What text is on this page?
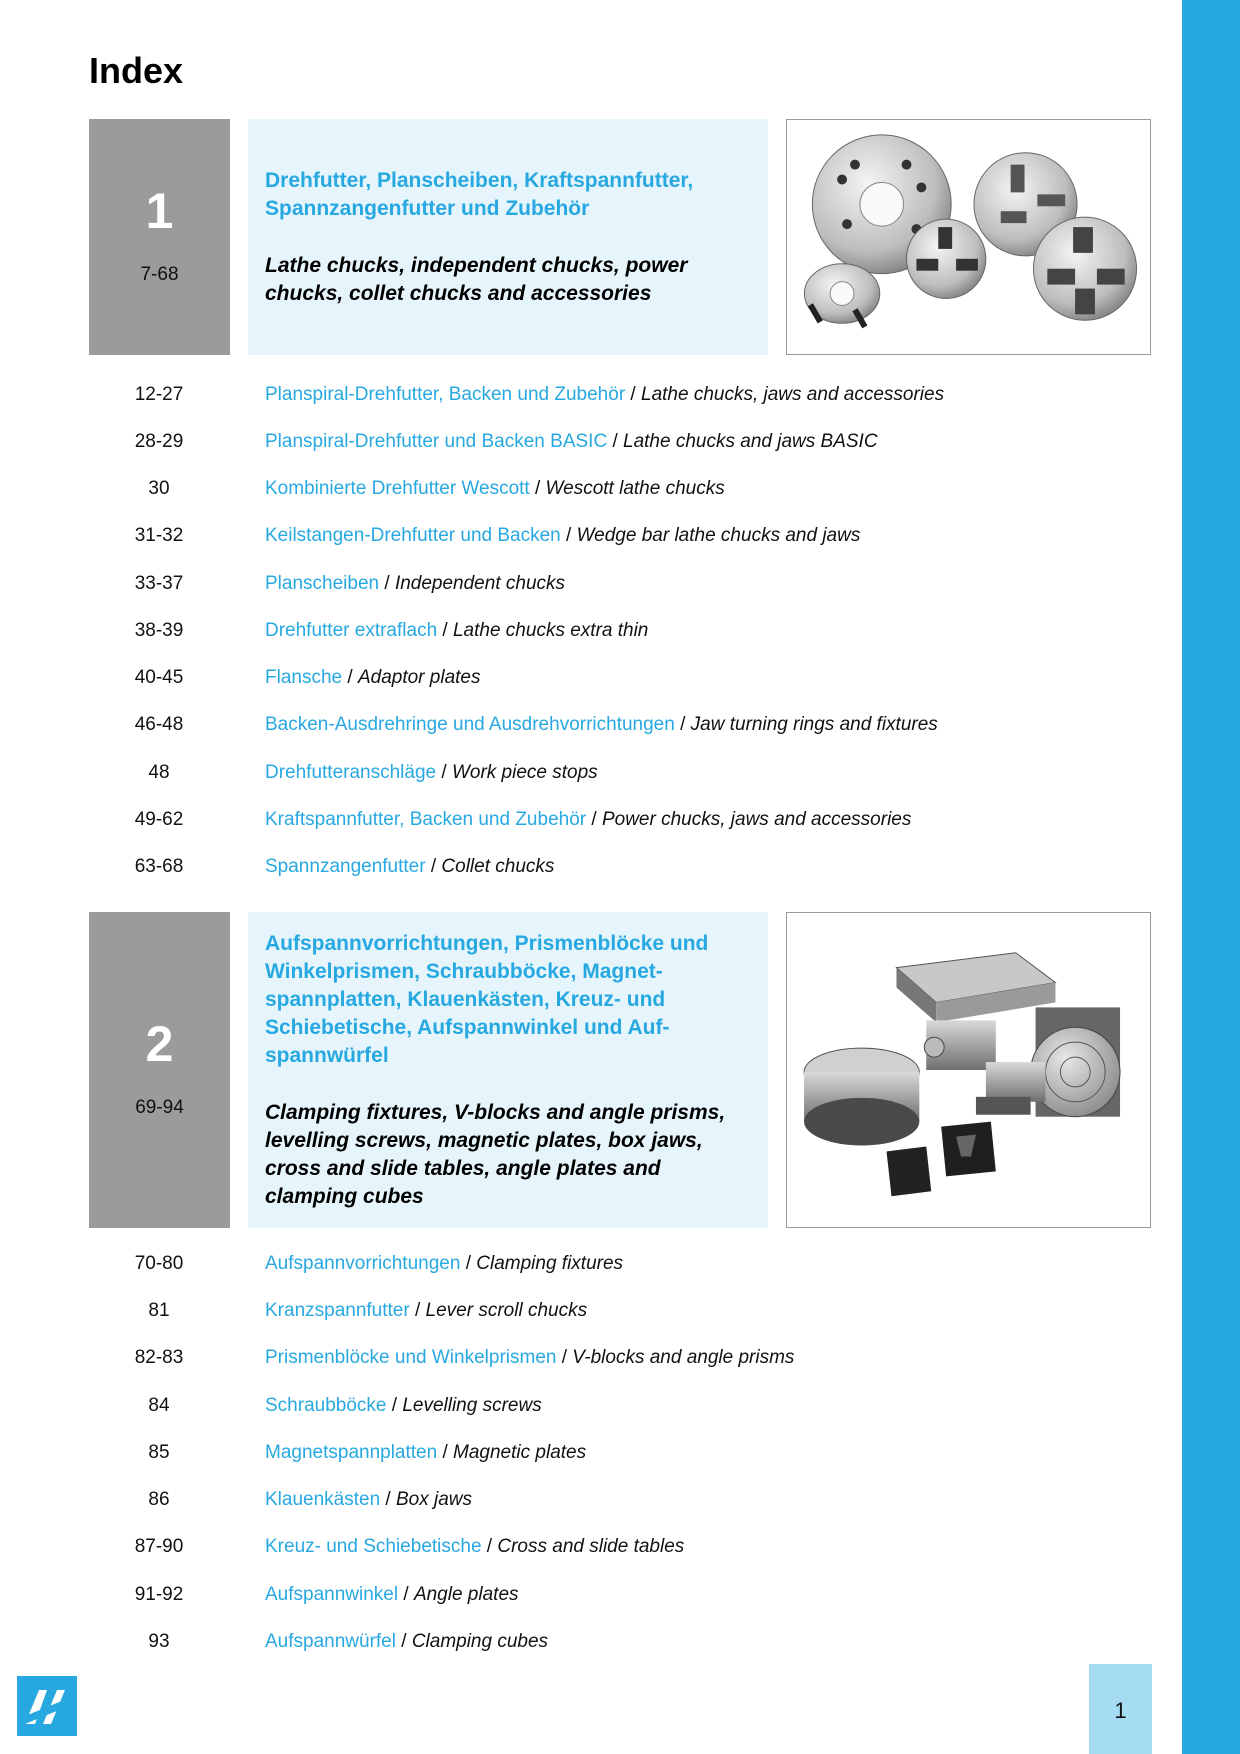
Index
1
7-68
Drehfutter, Planscheiben, Kraftspannfutter, Spannzangenfutter und Zubehör
Lathe chucks, independent chucks, power chucks, collet chucks and accessories
12-27	Planspiral-Drehfutter, Backen und Zubehör / Lathe chucks, jaws and accessories
28-29	Planspiral-Drehfutter und Backen BASIC / Lathe chucks and jaws BASIC
30	Kombinierte Drehfutter Wescott / Wescott lathe chucks
31-32	Keilstangen-Drehfutter und Backen / Wedge bar lathe chucks and jaws
33-37	Planscheiben / Independent chucks
38-39	Drehfutter extraflach / Lathe chucks extra thin
40-45	Flansche / Adaptor plates
46-48	Backen-Ausdrehringe und Ausdrehvorrichtungen / Jaw turning rings and fixtures
48	Drehfutteranschläge / Work piece stops
49-62	Kraftspannfutter, Backen und Zubehör / Power chucks, jaws and accessories
63-68	Spannzangenfutter / Collet chucks
2
69-94
Aufspannvorrichtungen, Prismenblöcke und Winkelprismen, Schraubböcke, Magnet-spannplatten, Klauenkästen, Kreuz- und Schiebetische, Aufspannwinkel und Auf-spannwürfel
Clamping fixtures, V-blocks and angle prisms, levelling screws, magnetic plates, box jaws, cross and slide tables, angle plates and clamping cubes
70-80	Aufspannvorrichtungen / Clamping fixtures
81	Kranzspannfutter / Lever scroll chucks
82-83	Prismenblöcke und Winkelprismen / V-blocks and angle prisms
84	Schraubböcke / Levelling screws
85	Magnetspannplatten / Magnetic plates
86	Klauenkästen / Box jaws
87-90	Kreuz- und Schiebetische / Cross and slide tables
91-92	Aufspannwinkel / Angle plates
93	Aufspannwürfel / Clamping cubes
1
